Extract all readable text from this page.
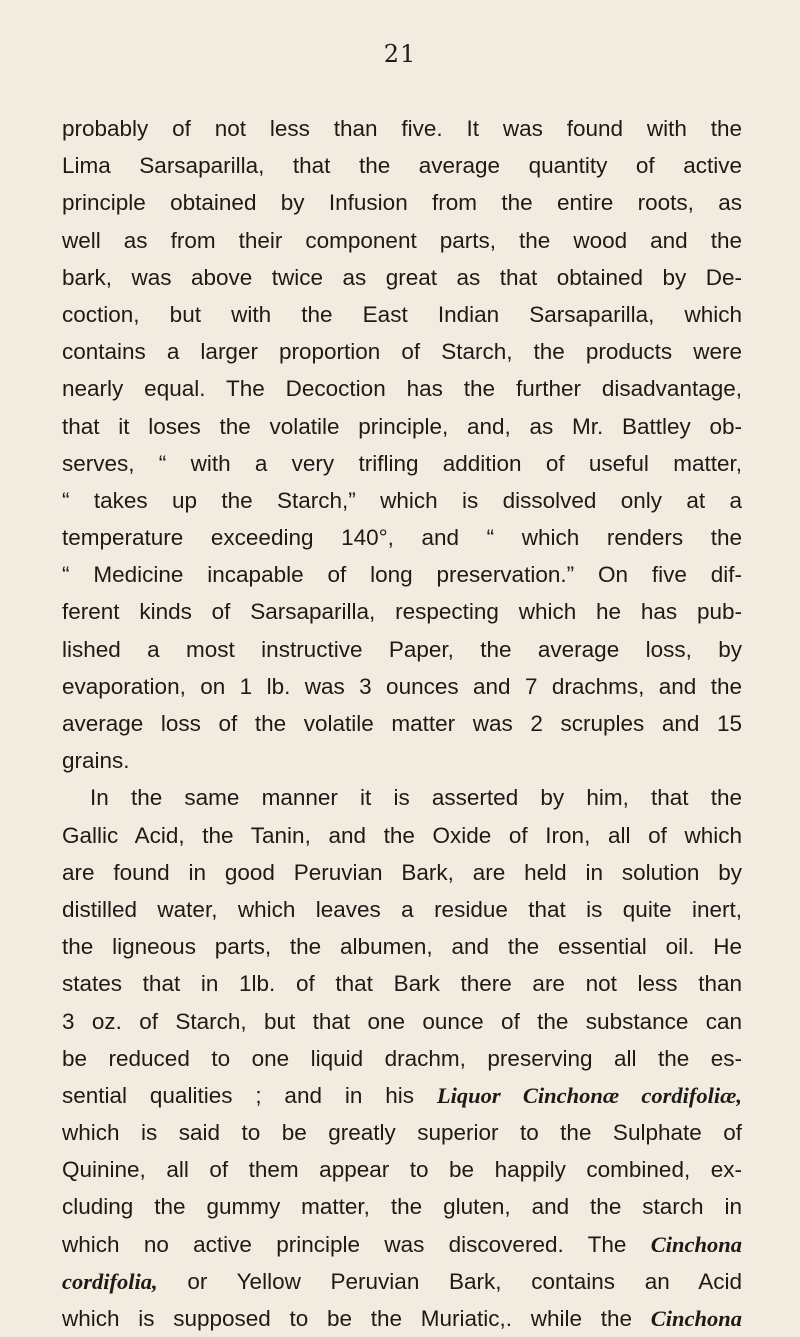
21
probably of not less than five. It was found with the
Lima Sarsaparilla, that the average quantity of active
principle obtained by Infusion from the entire roots, as
well as from their component parts, the wood and the
bark, was above twice as great as that obtained by De-
coction, but with the East Indian Sarsaparilla, which
contains a larger proportion of Starch, the products were
nearly equal. The Decoction has the further disadvantage,
that it loses the volatile principle, and, as Mr. Battley ob-
serves, “ with a very trifling addition of useful matter,
“ takes up the Starch,” which is dissolved only at a
temperature exceeding 140°, and “ which renders the
“ Medicine incapable of long preservation.” On five dif-
ferent kinds of Sarsaparilla, respecting which he has pub-
lished a most instructive Paper, the average loss, by
evaporation, on 1 lb. was 3 ounces and 7 drachms, and the
average loss of the volatile matter was 2 scruples and 15
grains.
In the same manner it is asserted by him, that the
Gallic Acid, the Tanin, and the Oxide of Iron, all of which
are found in good Peruvian Bark, are held in solution by
distilled water, which leaves a residue that is quite inert,
the ligneous parts, the albumen, and the essential oil. He
states that in 1lb. of that Bark there are not less than
3 oz. of Starch, but that one ounce of the substance can
be reduced to one liquid drachm, preserving all the es-
sential qualities ; and in his Liquor Cinchonæ cordifoliæ,
which is said to be greatly superior to the Sulphate of
Quinine, all of them appear to be happily combined, ex-
cluding the gummy matter, the gluten, and the starch in
which no active principle was discovered. The Cinchona
cordifolia, or Yellow Peruvian Bark, contains an Acid
which is supposed to be the Muriatic,. while the Cinchona
